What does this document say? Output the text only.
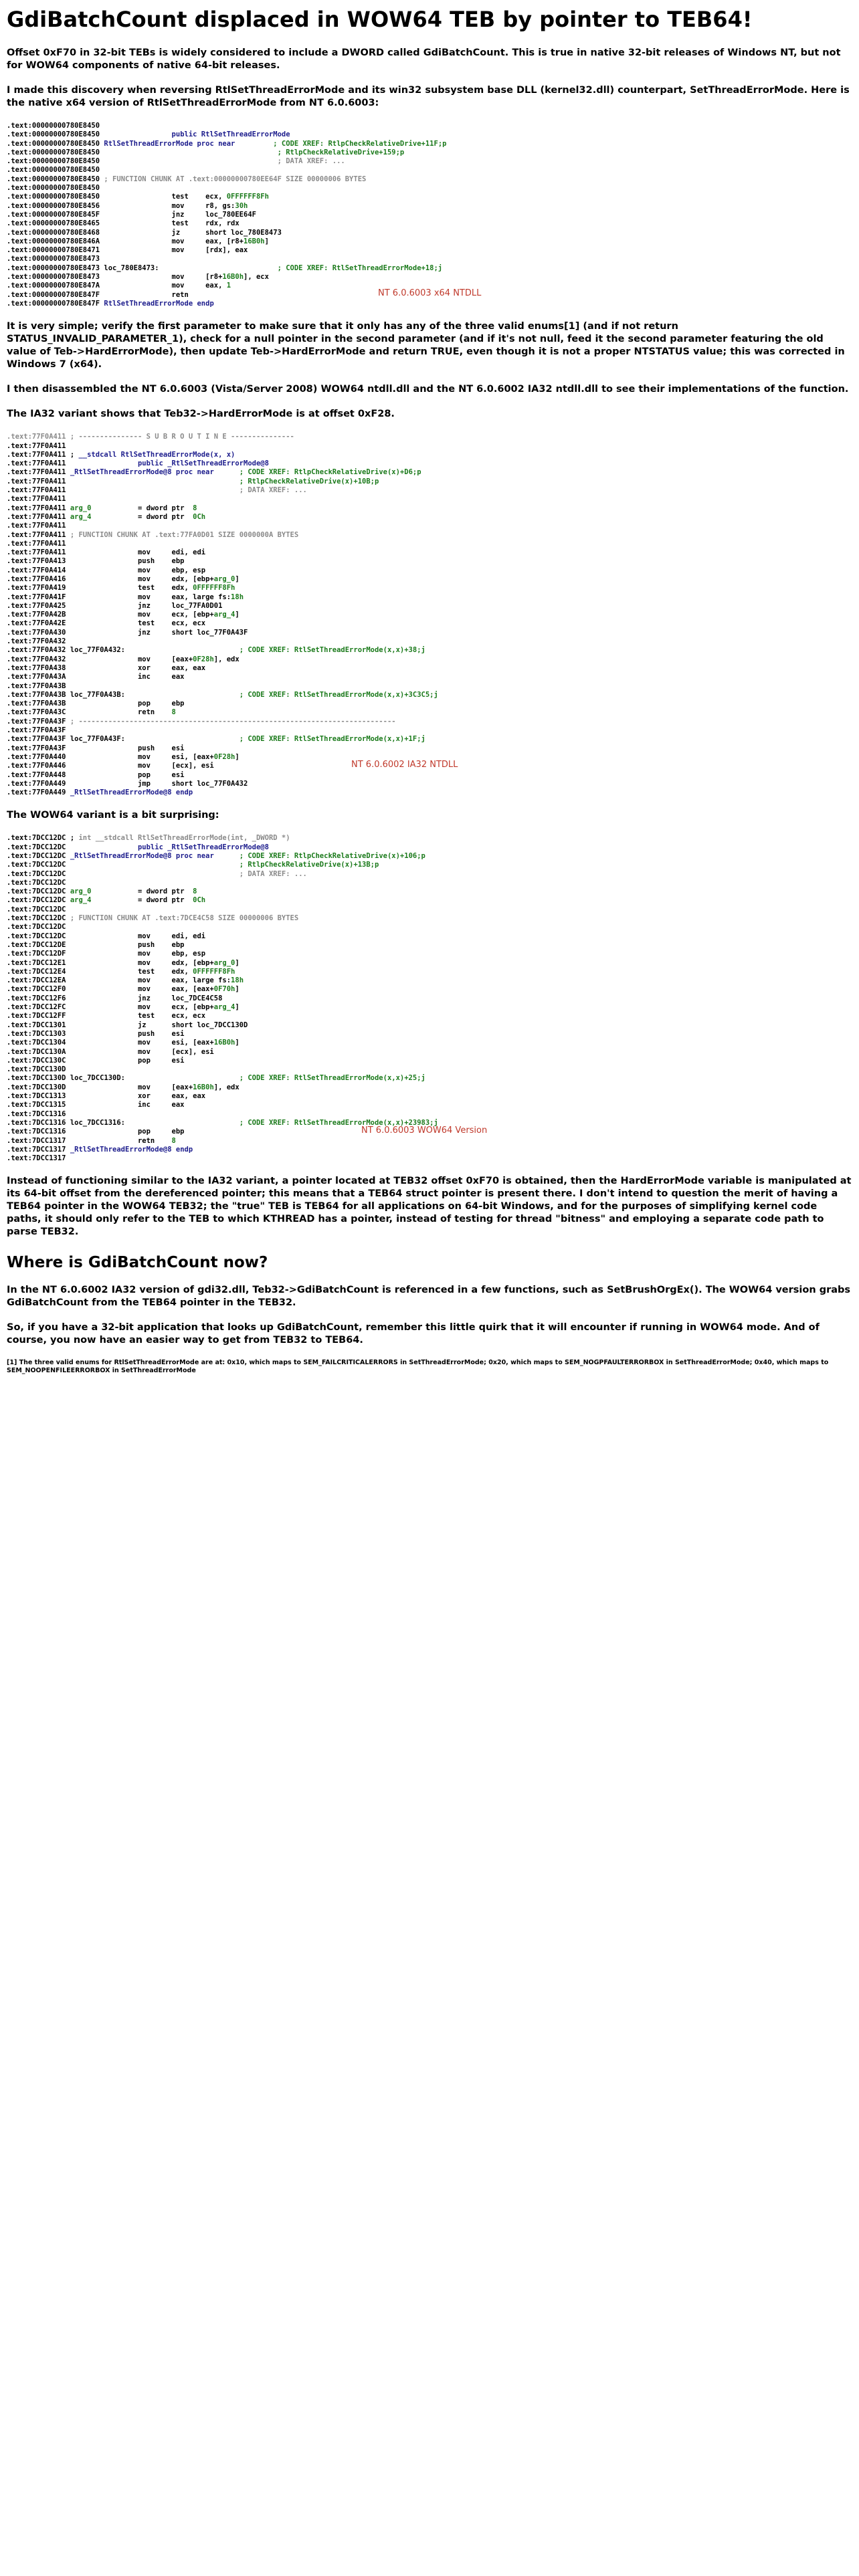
GdiBatchCount displaced in WOW64 TEB by pointer to TEB64!

Offset 0xF70 in 32-bit TEBs is widely considered to include a DWORD called GdiBatchCount. This is true in native 32-bit releases of Windows NT, but not for WOW64 components of native 64-bit releases.

I made this discovery when reversing RtlSetThreadErrorMode and its win32 subsystem base DLL (kernel32.dll) counterpart, SetThreadErrorMode. Here is the native x64 version of RtlSetThreadErrorMode from NT 6.0.6003:

.text:00000000780E8450
.text:00000000780E8450                 public RtlSetThreadErrorMode
.text:00000000780E8450 RtlSetThreadErrorMode proc near	; CODE XREF: RtlpCheckRelativeDrive+11F;p
.text:00000000780E8450                                          ; RtlpCheckRelativeDrive+159;p
.text:00000000780E8450                                          ; DATA XREF: ...
.text:00000000780E8450
.text:00000000780E8450 ; FUNCTION CHUNK AT .text:00000000780EE64F SIZE 00000006 BYTES
.text:00000000780E8450
.text:00000000780E8450                 test    ecx, 0FFFFFF8Fh
.text:00000000780E8456                 mov     r8, gs:30h
.text:00000000780E845F                 jnz     loc_780EE64F
.text:00000000780E8465                 test    rdx, rdx
.text:00000000780E8468                 jz      short loc_780E8473
.text:00000000780E846A                 mov     eax, [r8+16B0h]
.text:00000000780E8471                 mov     [rdx], eax
.text:00000000780E8473
.text:00000000780E8473 loc_780E8473:                            ; CODE XREF: RtlSetThreadErrorMode+18;j
.text:00000000780E8473                 mov     [r8+16B0h], ecx
.text:00000000780E847A                 mov     eax, 1
.text:00000000780E847F                 retn
.text:00000000780E847F RtlSetThreadErrorMode endp
NT 6.0.6003 x64 NTDLL

It is very simple; verify the first parameter to make sure that it only has any of the three valid enums[1] (and if not return STATUS_INVALID_PARAMETER_1), check for a null pointer in the second parameter (and if it's not null, feed it the second parameter featuring the old value of Teb->HardErrorMode), then update Teb->HardErrorMode and return TRUE, even though it is not a proper NTSTATUS value; this was corrected in Windows 7 (x64).

I then disassembled the NT 6.0.6003 (Vista/Server 2008) WOW64 ntdll.dll and the NT 6.0.6002 IA32 ntdll.dll to see their implementations of the function.

The IA32 variant shows that Teb32->HardErrorMode is at offset 0xF28.

.text:77F0A411 ; --------------- S U B R O U T I N E ---------------
.text:77F0A411
.text:77F0A411 ; __stdcall RtlSetThreadErrorMode(x, x)
.text:77F0A411                 public _RtlSetThreadErrorMode@8
.text:77F0A411 _RtlSetThreadErrorMode@8 proc near	; CODE XREF: RtlpCheckRelativeDrive(x)+D6;p
.text:77F0A411                                         ; RtlpCheckRelativeDrive(x)+10B;p
.text:77F0A411                                         ; DATA XREF: ...
.text:77F0A411
.text:77F0A411 arg_0           = dword ptr  8
.text:77F0A411 arg_4           = dword ptr  0Ch
.text:77F0A411
.text:77F0A411 ; FUNCTION CHUNK AT .text:77FA0D01 SIZE 0000000A BYTES
.text:77F0A411
.text:77F0A411                 mov     edi, edi
.text:77F0A413                 push    ebp
.text:77F0A414                 mov     ebp, esp
.text:77F0A416                 mov     edx, [ebp+arg_0]
.text:77F0A419                 test    edx, 0FFFFFF8Fh
.text:77F0A41F                 mov     eax, large fs:18h
.text:77F0A425                 jnz     loc_77FA0D01
.text:77F0A42B                 mov     ecx, [ebp+arg_4]
.text:77F0A42E                 test    ecx, ecx
.text:77F0A430                 jnz     short loc_77F0A43F
.text:77F0A432
.text:77F0A432 loc_77F0A432:                           ; CODE XREF: RtlSetThreadErrorMode(x,x)+38;j
.text:77F0A432                 mov     [eax+0F28h], edx
.text:77F0A438                 xor     eax, eax
.text:77F0A43A                 inc     eax
.text:77F0A43B
.text:77F0A43B loc_77F0A43B:                           ; CODE XREF: RtlSetThreadErrorMode(x,x)+3C3C5;j
.text:77F0A43B                 pop     ebp
.text:77F0A43C                 retn    8
.text:77F0A43F ; ---------------------------------------------------------------------------
.text:77F0A43F
.text:77F0A43F loc_77F0A43F:                           ; CODE XREF: RtlSetThreadErrorMode(x,x)+1F;j
.text:77F0A43F                 push    esi
.text:77F0A440                 mov     esi, [eax+0F28h]
.text:77F0A446                 mov     [ecx], esi
.text:77F0A448                 pop     esi
.text:77F0A449                 jmp     short loc_77F0A432
.text:77F0A449 _RtlSetThreadErrorMode@8 endp
NT 6.0.6002 IA32 NTDLL

The WOW64 variant is a bit surprising:

.text:7DCC12DC ; int __stdcall RtlSetThreadErrorMode(int, _DWORD *)
.text:7DCC12DC                 public _RtlSetThreadErrorMode@8
.text:7DCC12DC _RtlSetThreadErrorMode@8 proc near	; CODE XREF: RtlpCheckRelativeDrive(x)+106;p
.text:7DCC12DC                                         ; RtlpCheckRelativeDrive(x)+13B;p
.text:7DCC12DC                                         ; DATA XREF: ...
.text:7DCC12DC
.text:7DCC12DC arg_0           = dword ptr  8
.text:7DCC12DC arg_4           = dword ptr  0Ch
.text:7DCC12DC
.text:7DCC12DC ; FUNCTION CHUNK AT .text:7DCE4C58 SIZE 00000006 BYTES
.text:7DCC12DC
.text:7DCC12DC                 mov     edi, edi
.text:7DCC12DE                 push    ebp
.text:7DCC12DF                 mov     ebp, esp
.text:7DCC12E1                 mov     edx, [ebp+arg_0]
.text:7DCC12E4                 test    edx, 0FFFFFF8Fh
.text:7DCC12EA                 mov     eax, large fs:18h
.text:7DCC12F0                 mov     eax, [eax+0F70h]
.text:7DCC12F6                 jnz     loc_7DCE4C58
.text:7DCC12FC                 mov     ecx, [ebp+arg_4]
.text:7DCC12FF                 test    ecx, ecx
.text:7DCC1301                 jz      short loc_7DCC130D
.text:7DCC1303                 push    esi
.text:7DCC1304                 mov     esi, [eax+16B0h]
.text:7DCC130A                 mov     [ecx], esi
.text:7DCC130C                 pop     esi
.text:7DCC130D
.text:7DCC130D loc_7DCC130D:                           ; CODE XREF: RtlSetThreadErrorMode(x,x)+25;j
.text:7DCC130D                 mov     [eax+16B0h], edx
.text:7DCC1313                 xor     eax, eax
.text:7DCC1315                 inc     eax
.text:7DCC1316
.text:7DCC1316 loc_7DCC1316:                           ; CODE XREF: RtlSetThreadErrorMode(x,x)+23983;j
.text:7DCC1316                 pop     ebp
.text:7DCC1317                 retn    8
.text:7DCC1317 _RtlSetThreadErrorMode@8 endp
.text:7DCC1317
NT 6.0.6003 WOW64 Version

Instead of functioning similar to the IA32 variant, a pointer located at TEB32 offset 0xF70 is obtained, then the HardErrorMode variable is manipulated at its 64-bit offset from the dereferenced pointer; this means that a TEB64 struct pointer is present there. I don't intend to question the merit of having a TEB64 pointer in the WOW64 TEB32; the "true" TEB is TEB64 for all applications on 64-bit Windows, and for the purposes of simplifying kernel code paths, it should only refer to the TEB to which KTHREAD has a pointer, instead of testing for thread "bitness" and employing a separate code path to parse TEB32.

Where is GdiBatchCount now?

In the NT 6.0.6002 IA32 version of gdi32.dll, Teb32->GdiBatchCount is referenced in a few functions, such as SetBrushOrgEx(). The WOW64 version grabs GdiBatchCount from the TEB64 pointer in the TEB32.

So, if you have a 32-bit application that looks up GdiBatchCount, remember this little quirk that it will encounter if running in WOW64 mode. And of course, you now have an easier way to get from TEB32 to TEB64.

[1] The three valid enums for RtlSetThreadErrorMode are at: 0x10, which maps to SEM_FAILCRITICALERRORS in SetThreadErrorMode; 0x20, which maps to SEM_NOGPFAULTERRORBOX in SetThreadErrorMode; 0x40, which maps to SEM_NOOPENFILEERRORBOX in SetThreadErrorMode
